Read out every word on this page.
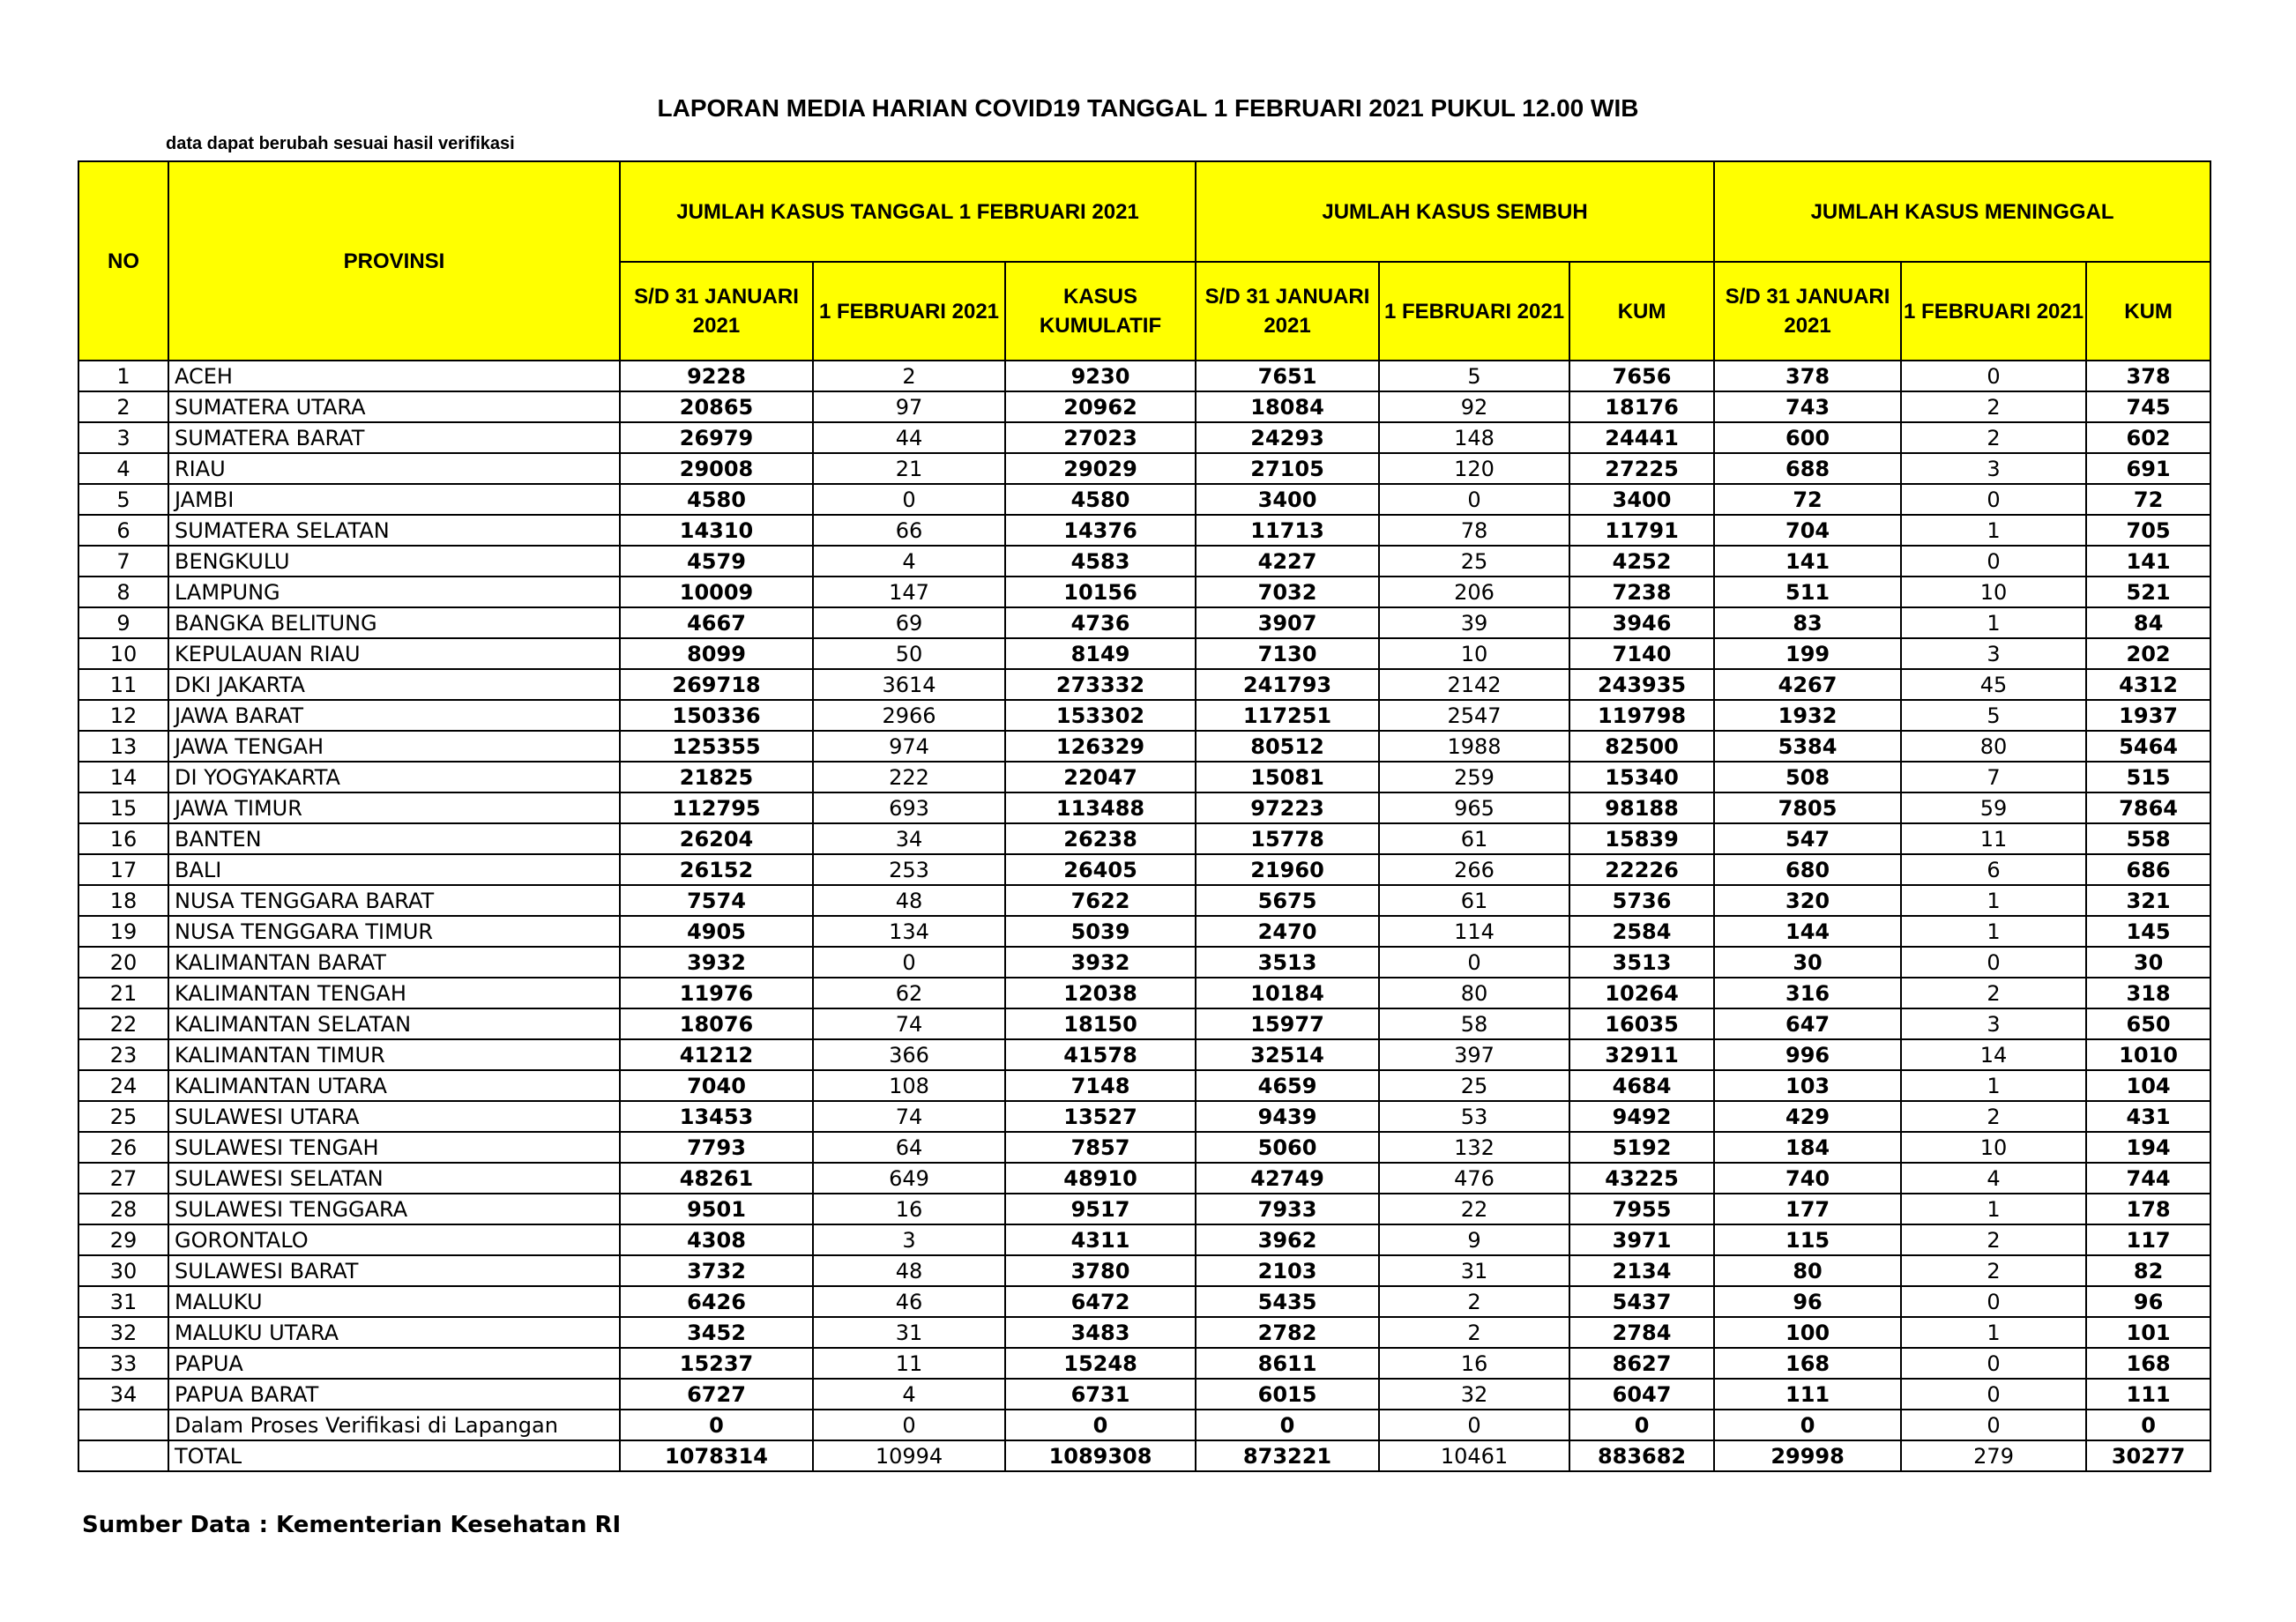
LAPORAN MEDIA HARIAN COVID19 TANGGAL 1 FEBRUARI 2021 PUKUL 12.00 WIB
data dapat berubah sesuai hasil verifikasi
NO	PROVINSI	JUMLAH KASUS TANGGAL 1 FEBRUARI 2021			JUMLAH KASUS SEMBUH			JUMLAH KASUS MENINGGAL		
		S/D 31 JANUARI 2021	1 FEBRUARI 2021	KASUS KUMULATIF	S/D 31 JANUARI 2021	1 FEBRUARI 2021	KUM	S/D 31 JANUARI 2021	1 FEBRUARI 2021	KUM
1	ACEH	9228	2	9230	7651	5	7656	378	0	378
2	SUMATERA UTARA	20865	97	20962	18084	92	18176	743	2	745
3	SUMATERA BARAT	26979	44	27023	24293	148	24441	600	2	602
4	RIAU	29008	21	29029	27105	120	27225	688	3	691
5	JAMBI	4580	0	4580	3400	0	3400	72	0	72
6	SUMATERA SELATAN	14310	66	14376	11713	78	11791	704	1	705
7	BENGKULU	4579	4	4583	4227	25	4252	141	0	141
8	LAMPUNG	10009	147	10156	7032	206	7238	511	10	521
9	BANGKA BELITUNG	4667	69	4736	3907	39	3946	83	1	84
10	KEPULAUAN RIAU	8099	50	8149	7130	10	7140	199	3	202
11	DKI JAKARTA	269718	3614	273332	241793	2142	243935	4267	45	4312
12	JAWA BARAT	150336	2966	153302	117251	2547	119798	1932	5	1937
13	JAWA TENGAH	125355	974	126329	80512	1988	82500	5384	80	5464
14	DI YOGYAKARTA	21825	222	22047	15081	259	15340	508	7	515
15	JAWA TIMUR	112795	693	113488	97223	965	98188	7805	59	7864
16	BANTEN	26204	34	26238	15778	61	15839	547	11	558
17	BALI	26152	253	26405	21960	266	22226	680	6	686
18	NUSA TENGGARA BARAT	7574	48	7622	5675	61	5736	320	1	321
19	NUSA TENGGARA TIMUR	4905	134	5039	2470	114	2584	144	1	145
20	KALIMANTAN BARAT	3932	0	3932	3513	0	3513	30	0	30
21	KALIMANTAN TENGAH	11976	62	12038	10184	80	10264	316	2	318
22	KALIMANTAN SELATAN	18076	74	18150	15977	58	16035	647	3	650
23	KALIMANTAN TIMUR	41212	366	41578	32514	397	32911	996	14	1010
24	KALIMANTAN UTARA	7040	108	7148	4659	25	4684	103	1	104
25	SULAWESI UTARA	13453	74	13527	9439	53	9492	429	2	431
26	SULAWESI TENGAH	7793	64	7857	5060	132	5192	184	10	194
27	SULAWESI SELATAN	48261	649	48910	42749	476	43225	740	4	744
28	SULAWESI TENGGARA	9501	16	9517	7933	22	7955	177	1	178
29	GORONTALO	4308	3	4311	3962	9	3971	115	2	117
30	SULAWESI BARAT	3732	48	3780	2103	31	2134	80	2	82
31	MALUKU	6426	46	6472	5435	2	5437	96	0	96
32	MALUKU UTARA	3452	31	3483	2782	2	2784	100	1	101
33	PAPUA	15237	11	15248	8611	16	8627	168	0	168
34	PAPUA BARAT	6727	4	6731	6015	32	6047	111	0	111
	Dalam Proses Verifikasi di Lapangan	0	0	0	0	0	0	0	0	0
	TOTAL	1078314	10994	1089308	873221	10461	883682	29998	279	30277
Sumber Data : Kementerian Kesehatan RI
